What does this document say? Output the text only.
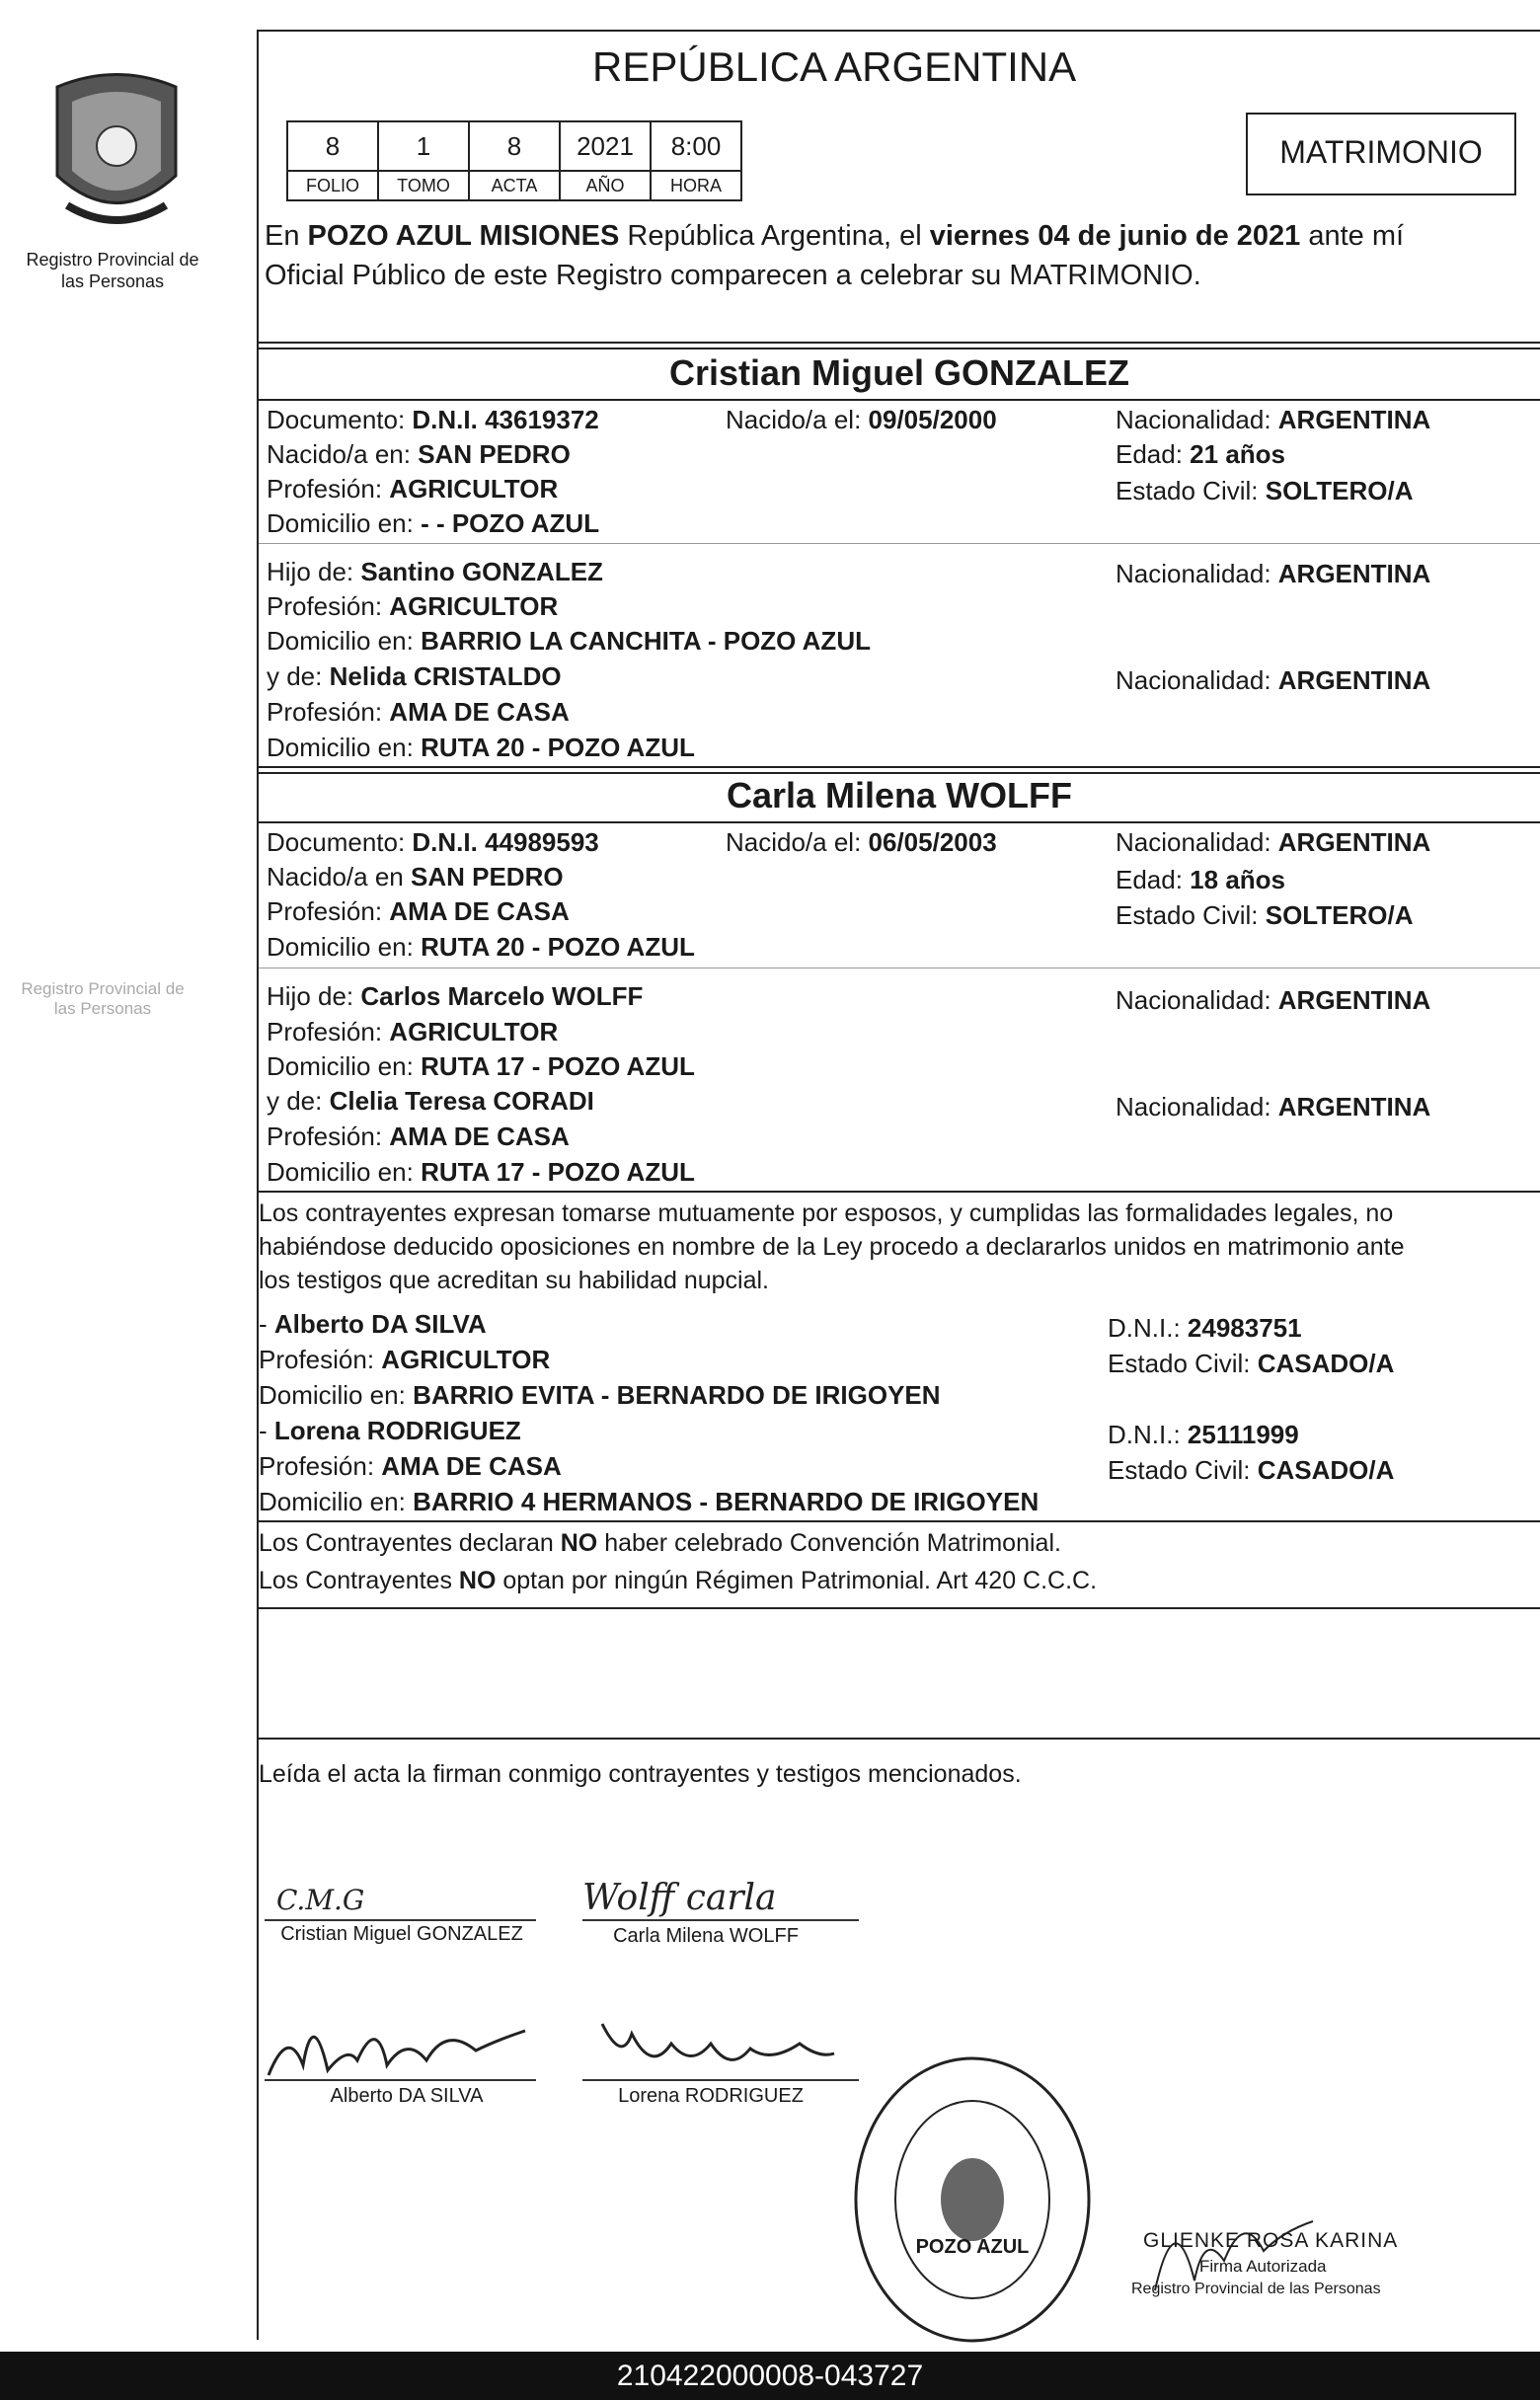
Registro Provincial de las Personas
Registro Provincial de las Personas
REPÚBLICA ARGENTINA
8	1	8	2021	8:00
FOLIO	TOMO	ACTA	AÑO	HORA
MATRIMONIO
En POZO AZUL MISIONES República Argentina, el viernes 04 de junio de 2021 ante mí
Oficial Público de este Registro comparecen a celebrar su MATRIMONIO.
Cristian Miguel GONZALEZ
Documento: D.N.I. 43619372	Nacido/a el: 09/05/2000	Nacionalidad: ARGENTINA
Nacido/a en: SAN PEDRO	Edad: 21 años
Profesión: AGRICULTOR	Estado Civil: SOLTERO/A
Domicilio en: - - POZO AZUL
Hijo de: Santino GONZALEZ	Nacionalidad: ARGENTINA
Profesión: AGRICULTOR
Domicilio en: BARRIO LA CANCHITA - POZO AZUL
y de: Nelida CRISTALDO	Nacionalidad: ARGENTINA
Profesión: AMA DE CASA
Domicilio en: RUTA 20 - POZO AZUL
Carla Milena WOLFF
Documento: D.N.I. 44989593	Nacido/a el: 06/05/2003	Nacionalidad: ARGENTINA
Nacido/a en SAN PEDRO	Edad: 18 años
Profesión: AMA DE CASA	Estado Civil: SOLTERO/A
Domicilio en: RUTA 20 - POZO AZUL
Hijo de: Carlos Marcelo WOLFF	Nacionalidad: ARGENTINA
Profesión: AGRICULTOR
Domicilio en: RUTA 17 - POZO AZUL
y de: Clelia Teresa CORADI	Nacionalidad: ARGENTINA
Profesión: AMA DE CASA
Domicilio en: RUTA 17 - POZO AZUL
Los contrayentes expresan tomarse mutuamente por esposos, y cumplidas las formalidades legales, no
habiéndose deducido oposiciones en nombre de la Ley procedo a declararlos unidos en matrimonio ante
los testigos que acreditan su habilidad nupcial.
- Alberto DA SILVA	D.N.I.: 24983751
Profesión: AGRICULTOR	Estado Civil: CASADO/A
Domicilio en: BARRIO EVITA - BERNARDO DE IRIGOYEN
- Lorena RODRIGUEZ	D.N.I.: 25111999
Profesión: AMA DE CASA	Estado Civil: CASADO/A
Domicilio en: BARRIO 4 HERMANOS - BERNARDO DE IRIGOYEN
Los Contrayentes declaran NO haber celebrado Convención Matrimonial.
Los Contrayentes NO optan por ningún Régimen Patrimonial. Art 420 C.C.C.
Leída el acta la firman conmigo contrayentes y testigos mencionados.
C.M.G
Cristian Miguel GONZALEZ
Wolff carla
Carla Milena WOLFF
Alberto DA SILVA	Lorena RODRIGUEZ
POZO AZUL	GLIENKE ROSA KARINA
Firma Autorizada
Registro Provincial de las Personas
210422000008-043727
